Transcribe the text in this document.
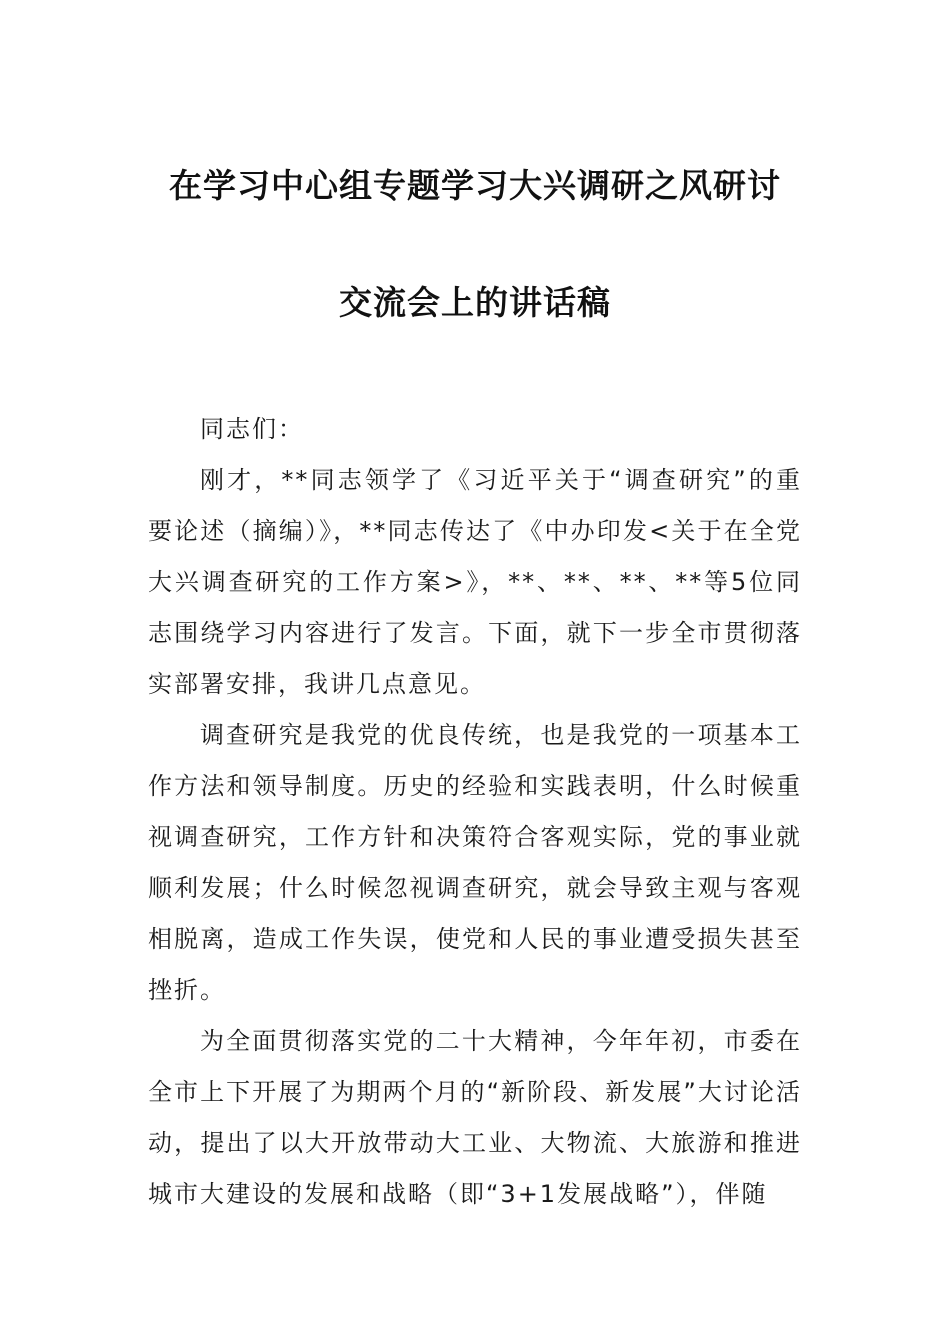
在学习中心组专题学习大兴调研之风研讨
交流会上的讲话稿

同志们：

刚才，**同志领学了《习近平关于“调查研究”的重要论述（摘编）》，**同志传达了《中办印发<关于在全党大兴调查研究的工作方案>》，**、**、**、**等5位同志围绕学习内容进行了发言。下面，就下一步全市贯彻落实部署安排，我讲几点意见。

调查研究是我党的优良传统，也是我党的一项基本工作方法和领导制度。历史的经验和实践表明，什么时候重视调查研究，工作方针和决策符合客观实际，党的事业就顺利发展；什么时候忽视调查研究，就会导致主观与客观相脱离，造成工作失误，使党和人民的事业遭受损失甚至挫折。

为全面贯彻落实党的二十大精神，今年年初，市委在全市上下开展了为期两个月的“新阶段、新发展”大讨论活动，提出了以大开放带动大工业、大物流、大旅游和推进城市大建设的发展和战略（即“3+1发展战略”），伴随
